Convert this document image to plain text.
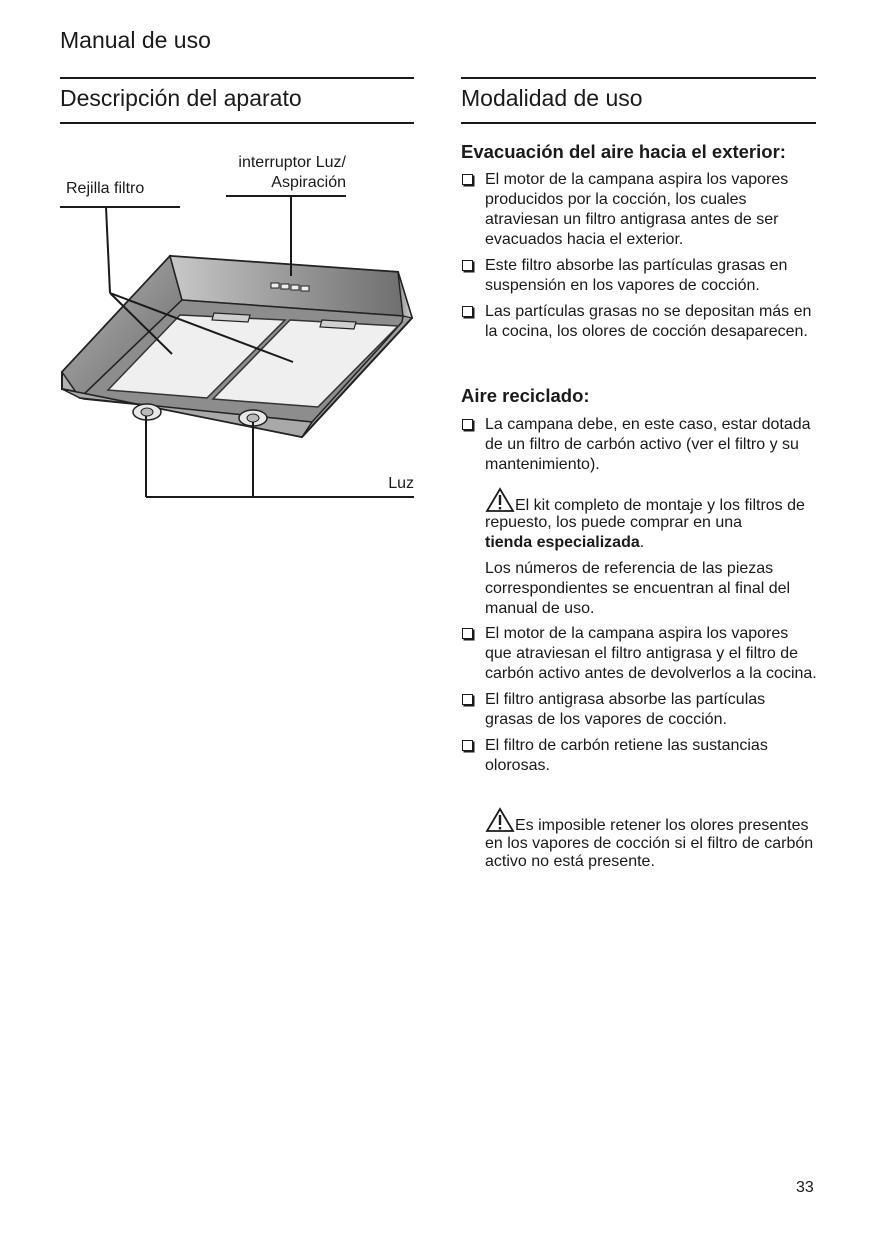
Manual de uso
Descripción del aparato
Rejilla filtro
interruptor Luz/
Aspiración
Luz
Modalidad de uso
Evacuación del aire hacia el exterior:
El motor de la campana aspira los vapores producidos por la cocción, los cuales atraviesan un filtro antigrasa antes de ser evacuados hacia el exterior.
Este filtro absorbe las partículas grasas en suspensión en los vapores de cocción.
Las partículas grasas no se depositan más en la cocina, los olores de cocción desaparecen.
Aire reciclado:
La campana debe, en este caso, estar dotada de un filtro de carbón activo (ver el filtro y su mantenimiento).
El kit completo de montaje y los filtros de repuesto, los puede comprar en una tienda especializada.
Los números de referencia de las piezas correspondientes se encuentran al final del manual de uso.
El motor de la campana aspira los vapores que atraviesan el filtro antigrasa y el filtro de carbón activo antes de devolverlos a la cocina.
El filtro antigrasa absorbe las partículas grasas de los vapores de cocción.
El filtro de carbón retiene las sustancias olorosas.
Es imposible retener los olores presentes en los vapores de cocción si el filtro de carbón activo no está presente.
33
